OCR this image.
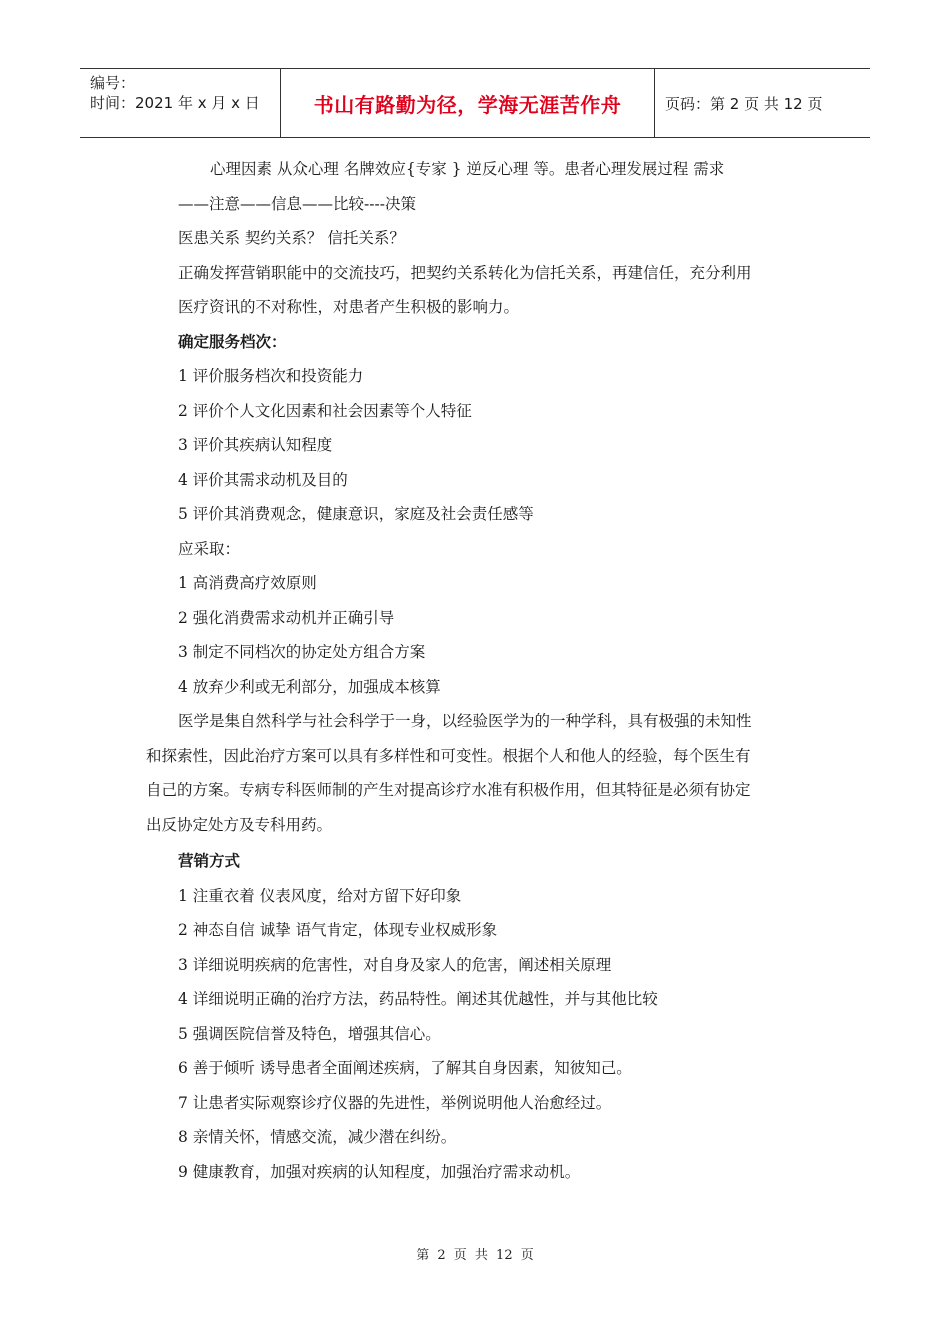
编号：
时间：2021 年 x 月 x 日	书山有路勤为径，学海无涯苦作舟	页码：第 2 页 共 12 页
心理因素 从众心理 名牌效应{专家 } 逆反心理 等。患者心理发展过程 需求
——注意——信息——比较----决策
医患关系 契约关系？ 信托关系？
正确发挥营销职能中的交流技巧，把契约关系转化为信托关系，再建信任，充分利用
医疗资讯的不对称性，对患者产生积极的影响力。
确定服务档次：
1 评价服务档次和投资能力
2 评价个人文化因素和社会因素等个人特征
3 评价其疾病认知程度
4 评价其需求动机及目的
5 评价其消费观念，健康意识，家庭及社会责任感等
应采取：
1 高消费高疗效原则
2 强化消费需求动机并正确引导
3 制定不同档次的协定处方组合方案
4 放弃少利或无利部分，加强成本核算
医学是集自然科学与社会科学于一身，以经验医学为的一种学科，具有极强的未知性
和探索性，因此治疗方案可以具有多样性和可变性。根据个人和他人的经验，每个医生有
自己的方案。专病专科医师制的产生对提高诊疗水准有积极作用，但其特征是必须有协定
出反协定处方及专科用药。
营销方式
1 注重衣着 仪表风度，给对方留下好印象
2 神态自信 诚挚 语气肯定，体现专业权威形象
3 详细说明疾病的危害性，对自身及家人的危害，阐述相关原理
4 详细说明正确的治疗方法，药品特性。阐述其优越性，并与其他比较
5 强调医院信誉及特色，增强其信心。
6 善于倾听 诱导患者全面阐述疾病，了解其自身因素，知彼知己。
7 让患者实际观察诊疗仪器的先进性，举例说明他人治愈经过。
8 亲情关怀，情感交流，减少潜在纠纷。
9 健康教育，加强对疾病的认知程度，加强治疗需求动机。
第 2 页 共 12 页
